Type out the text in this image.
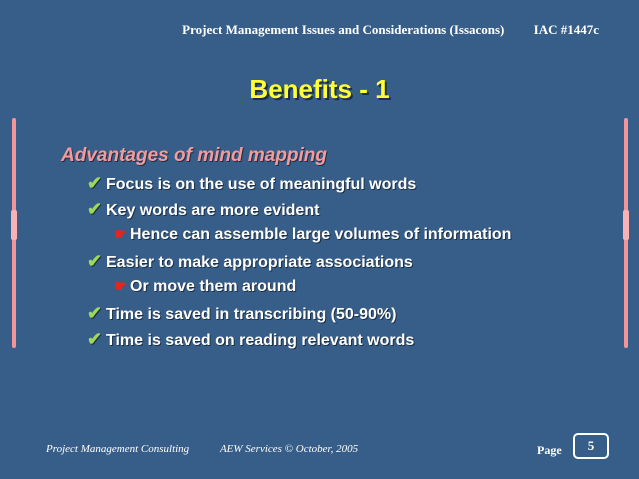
Project Management Issues and Considerations (Issacons) IAC #1447c
Benefits - 1
Advantages of mind mapping
✔ Focus is on the use of meaningful words
✔ Key words are more evident
☛ Hence can assemble large volumes of information
✔ Easier to make appropriate associations
☛ Or move them around
✔ Time is saved in transcribing (50-90%)
✔ Time is saved on reading relevant words
Project Management Consulting	AEW Services © October, 2005	Page	5
